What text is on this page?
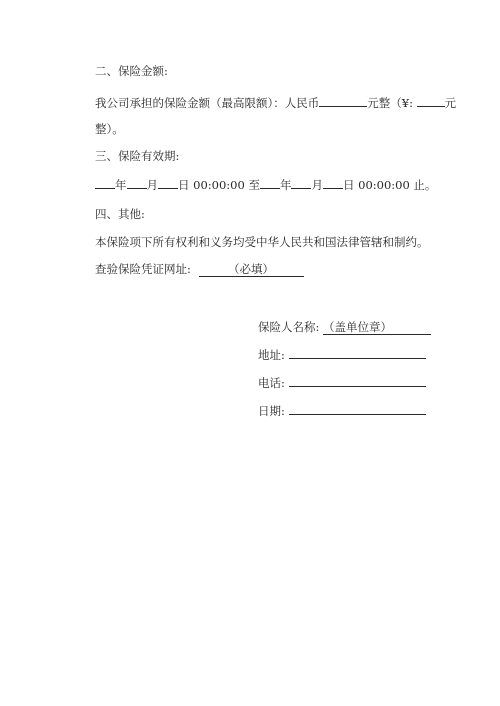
二、保险金额:
我公司承担的保险金额（最高限额）：人民币	元整（¥:	元
整）。
三、保险有效期:
年 月 日 00:00:00 至 年 月 日 00:00:00 止。
四、其他:
本保险项下所有权利和义务均受中华人民共和国法律管辖和制约。
查验保险凭证网址:	（必填）
保险人名称: （盖单位章）
地址:
电话:
日期:
